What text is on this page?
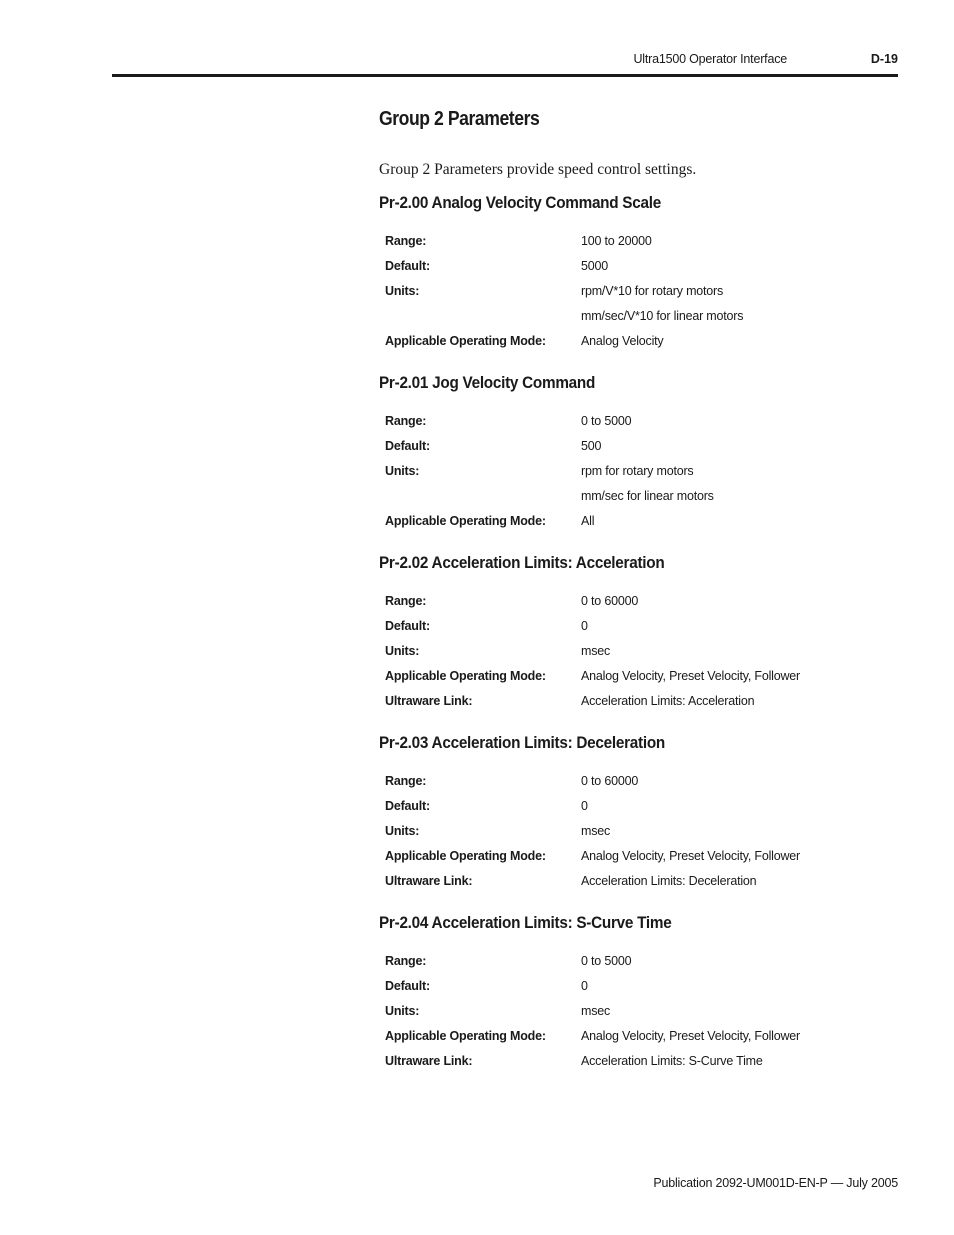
Ultra1500 Operator Interface	D-19
Group 2 Parameters

Group 2 Parameters provide speed control settings.

Pr-2.00 Analog Velocity Command Scale
Range:	100 to 20000
Default:	5000
Units:	rpm/V*10 for rotary motors
	mm/sec/V*10 for linear motors
Applicable Operating Mode:	Analog Velocity
Pr-2.01 Jog Velocity Command
Range:	0 to 5000
Default:	500
Units:	rpm for rotary motors
	mm/sec for linear motors
Applicable Operating Mode:	All
Pr-2.02 Acceleration Limits: Acceleration
Range:	0 to 60000
Default:	0
Units:	msec
Applicable Operating Mode:	Analog Velocity, Preset Velocity, Follower
Ultraware Link:	Acceleration Limits: Acceleration
Pr-2.03 Acceleration Limits: Deceleration
Range:	0 to 60000
Default:	0
Units:	msec
Applicable Operating Mode:	Analog Velocity, Preset Velocity, Follower
Ultraware Link:	Acceleration Limits: Deceleration
Pr-2.04 Acceleration Limits: S-Curve Time
Range:	0 to 5000
Default:	0
Units:	msec
Applicable Operating Mode:	Analog Velocity, Preset Velocity, Follower
Ultraware Link:	Acceleration Limits: S-Curve Time
Publication 2092-UM001D-EN-P — July 2005
